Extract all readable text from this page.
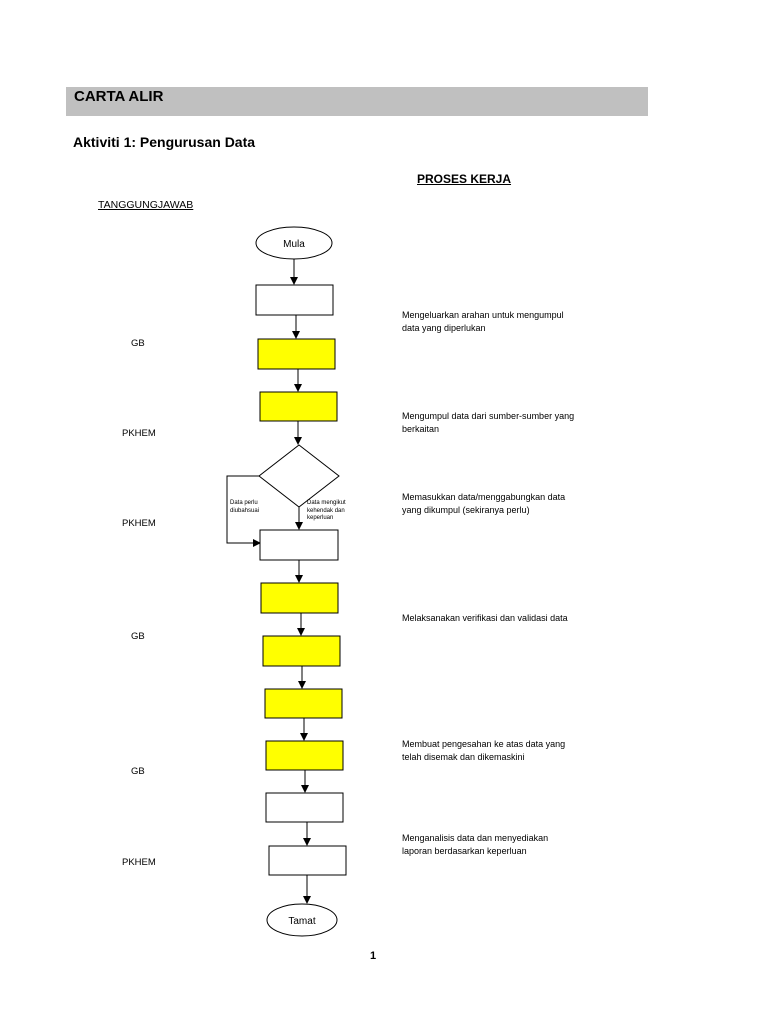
CARTA ALIR
Aktiviti 1: Pengurusan Data
PROSES KERJA
TANGGUNGJAWAB
GB
PKHEM
PKHEM
GB
GB
PKHEM
Mengeluarkan arahan untuk mengumpul data yang diperlukan
Mengumpul data dari sumber-sumber yang berkaitan
Memasukkan data/menggabungkan data yang dikumpul (sekiranya perlu)
Melaksanakan verifikasi dan validasi data
Membuat pengesahan ke atas data yang telah disemak dan dikemaskini
Menganalisis data dan menyediakan laporan berdasarkan keperluan
Mula
Tamat
Data perlu diubahsuai
Data mengikut kehendak dan keperluan
1
